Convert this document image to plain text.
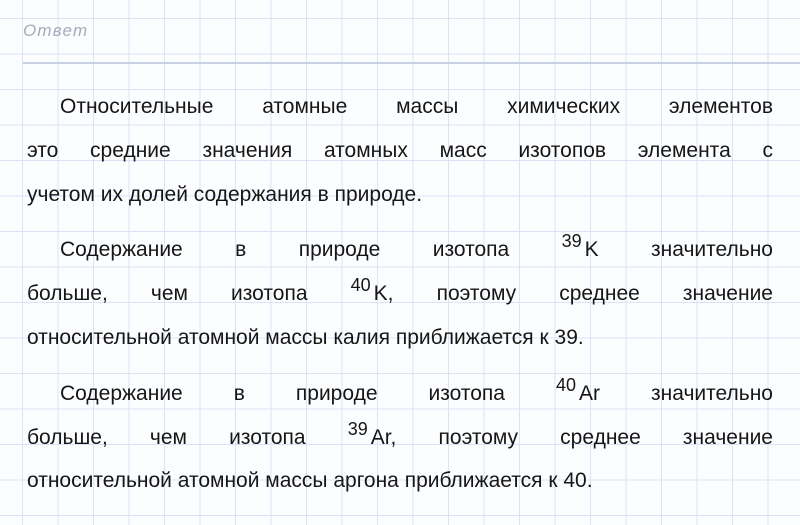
Ответ
Относительные атомные массы химических элементов
это средние значения атомных масс изотопов элемента с
учетом их долей содержания в природе.
Содержание в природе изотопа $^{39}$ K значительно
больше, чем изотопа $^{40}$ K, поэтому среднее значение
относительной атомной массы калия приближается к 39.
Содержание в природе изотопа $^{40}$ Ar значительно
больше, чем изотопа $^{39}$ Ar, поэтому среднее значение
относительной атомной массы аргона приближается к 40.
